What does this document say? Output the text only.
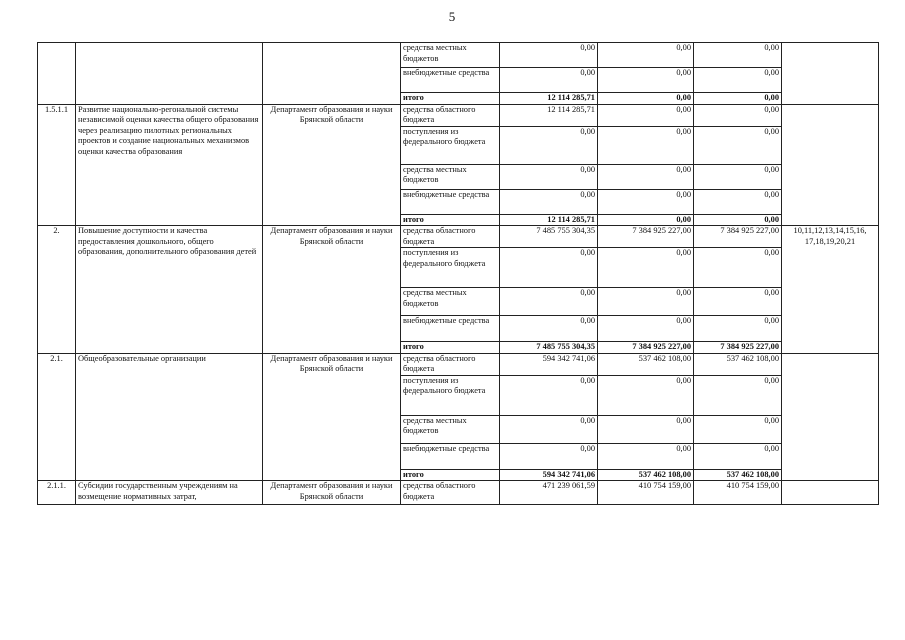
5
			средства местных бюджетов	0,00	0,00	0,00	
			внебюджетные средства	0,00	0,00	0,00	
			итого	12 114 285,71	0,00	0,00	
1.5.1.1	Развитие национально-регональной системы независимой оценки качества общего образования через реализацию пилотных региональных проектов и создание национальных механизмов оценки качества образования	Департамент образования и науки Брянской области	средства областного бюджета	12 114 285,71	0,00	0,00	
			поступления из федерального бюджета	0,00	0,00	0,00	
			средства местных бюджетов	0,00	0,00	0,00	
			внебюджетные средства	0,00	0,00	0,00	
			итого	12 114 285,71	0,00	0,00	
2.	Повышение доступности и качества предоставления дошкольного, общего образования, дополнительного образования детей	Департамент образования и науки Брянской области	средства областного бюджета	7 485 755 304,35	7 384 925 227,00	7 384 925 227,00	10,11,12,13,14,15,16, 17,18,19,20,21
			поступления из федерального бюджета	0,00	0,00	0,00	
			средства местных бюджетов	0,00	0,00	0,00	
			внебюджетные средства	0,00	0,00	0,00	
			итого	7 485 755 304,35	7 384 925 227,00	7 384 925 227,00	
2.1.	Общеобразовательные организации	Департамент образования и науки Брянской области	средства областного бюджета	594 342 741,06	537 462 108,00	537 462 108,00	
			поступления из федерального бюджета	0,00	0,00	0,00	
			средства местных бюджетов	0,00	0,00	0,00	
			внебюджетные средства	0,00	0,00	0,00	
			итого	594 342 741,06	537 462 108,00	537 462 108,00	
2.1.1.	Субсидии государственным учреждениям на возмещение нормативных затрат,	Департамент образования и науки Брянской области	средства областного бюджета	471 239 061,59	410 754 159,00	410 754 159,00	
